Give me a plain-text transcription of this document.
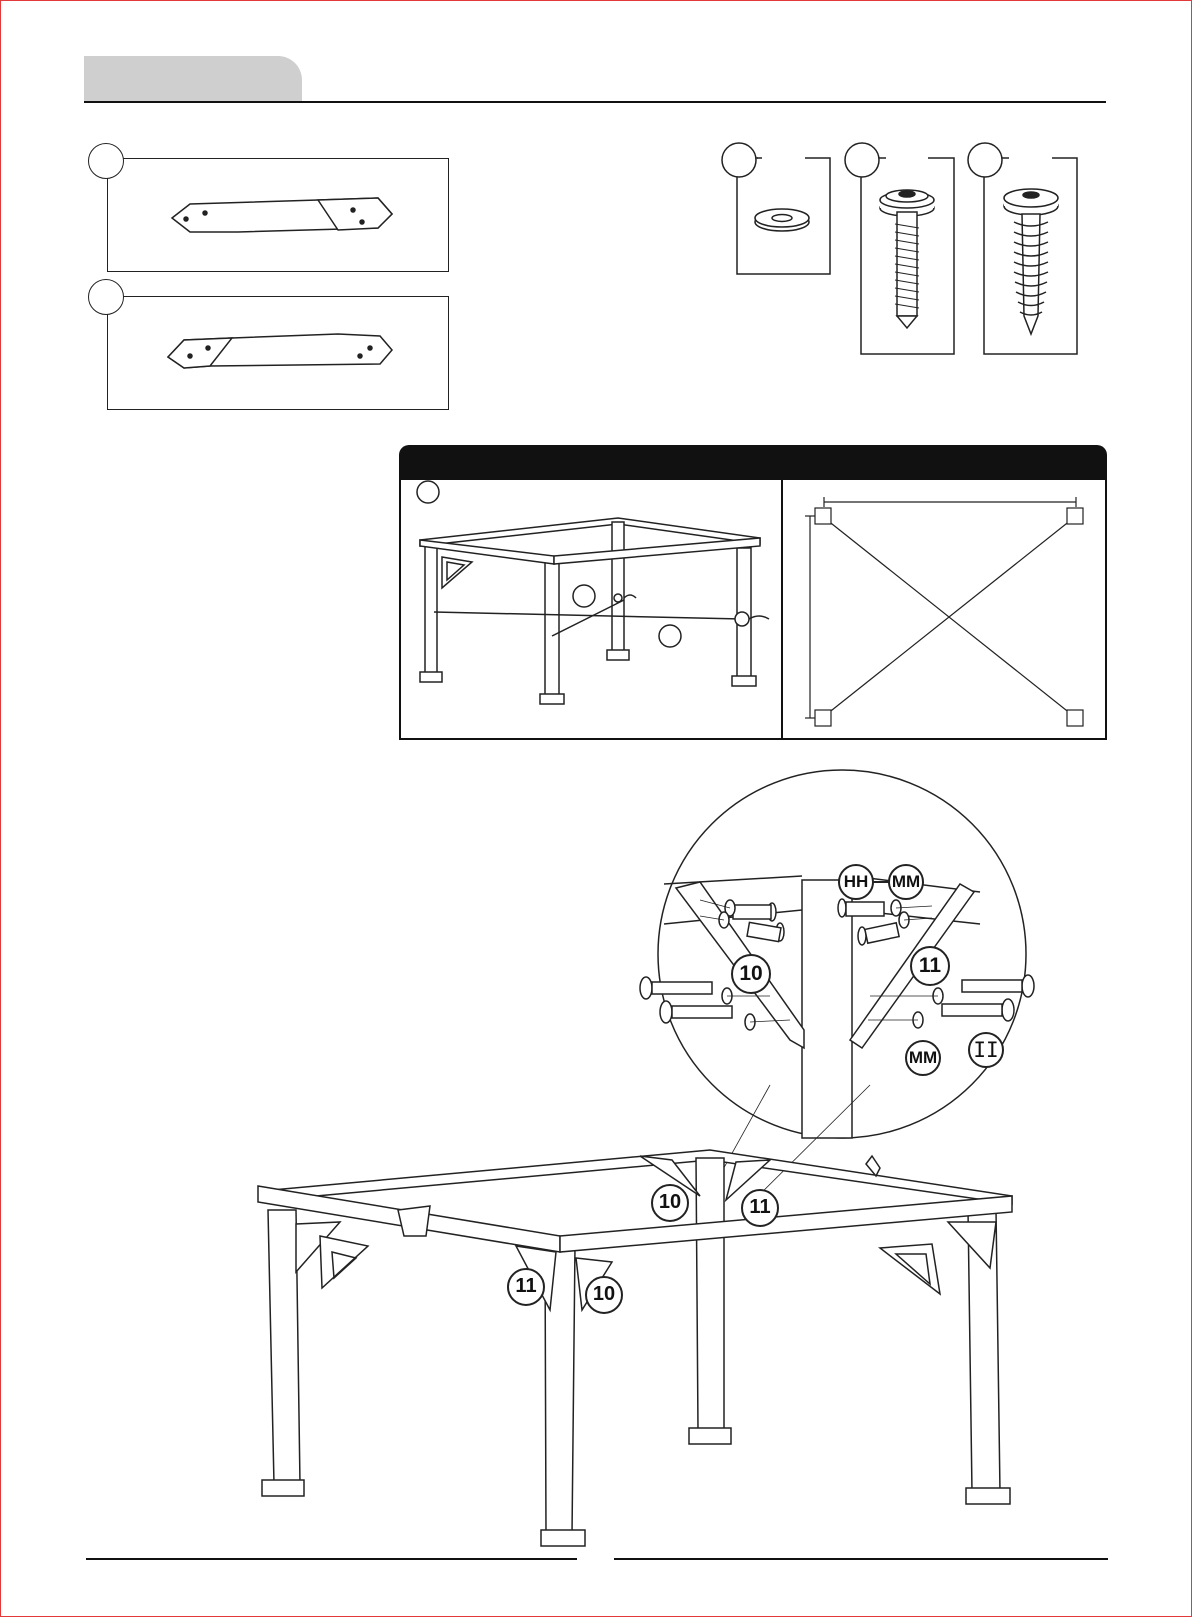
HH MM
10	11
MM II
10	11
11	10
